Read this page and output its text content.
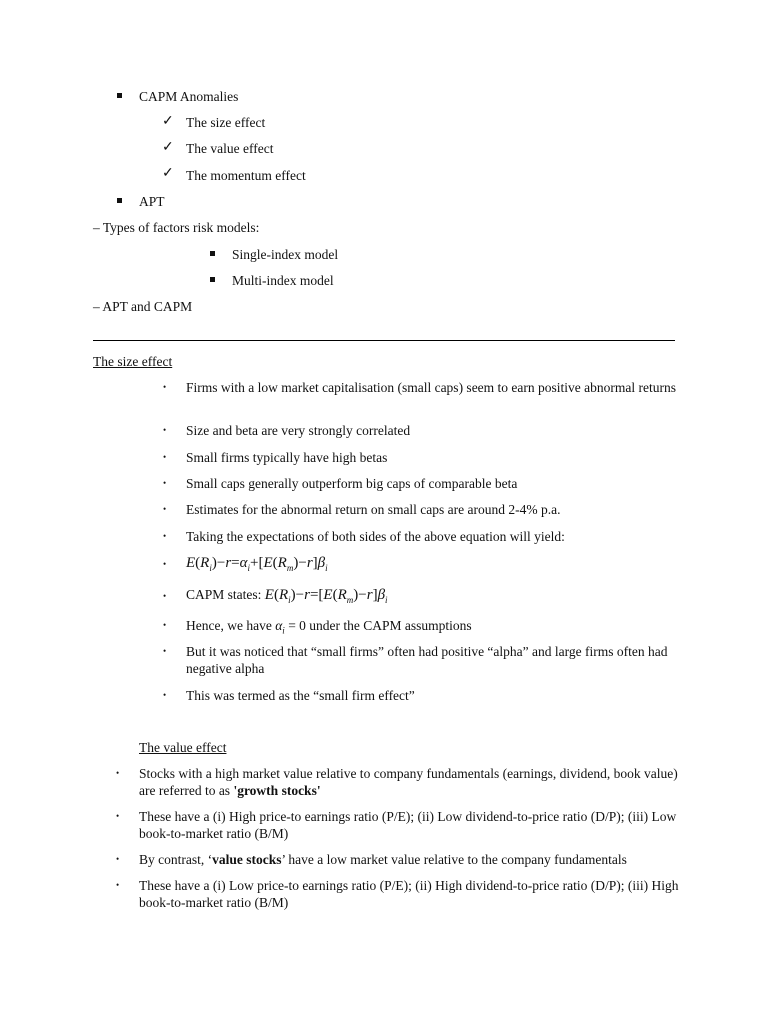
CAPM Anomalies
✓ The size effect
✓ The value effect
✓ The momentum effect
APT
– Types of factors risk models:
Single-index model
Multi-index model
– APT and CAPM
The size effect
• Firms with a low market capitalisation (small caps) seem to earn positive abnormal returns
• Size and beta are very strongly correlated
• Small firms typically have high betas
• Small caps generally outperform big caps of comparable beta
• Estimates for the abnormal return on small caps are around 2-4% p.a.
• Taking the expectations of both sides of the above equation will yield:
• $E(R_i)-r=\alpha_i+[E(R_m)-r]\beta_i$
• CAPM states: $E(R_i)-r=[E(R_m)-r]\beta_i$
• Hence, we have $\alpha_i = 0$ under the CAPM assumptions
• But it was noticed that “small firms” often had positive “alpha” and large firms often had negative alpha
• This was termed as the “small firm effect”
The value effect
• Stocks with a high market value relative to company fundamentals (earnings, dividend, book value) are referred to as 'growth stocks'
• These have a (i) High price-to earnings ratio (P/E); (ii) Low dividend-to-price ratio (D/P); (iii) Low book-to-market ratio (B/M)
• By contrast, ‘value stocks’ have a low market value relative to the company fundamentals
• These have a (i) Low price-to earnings ratio (P/E); (ii) High dividend-to-price ratio (D/P); (iii) High book-to-market ratio (B/M)
